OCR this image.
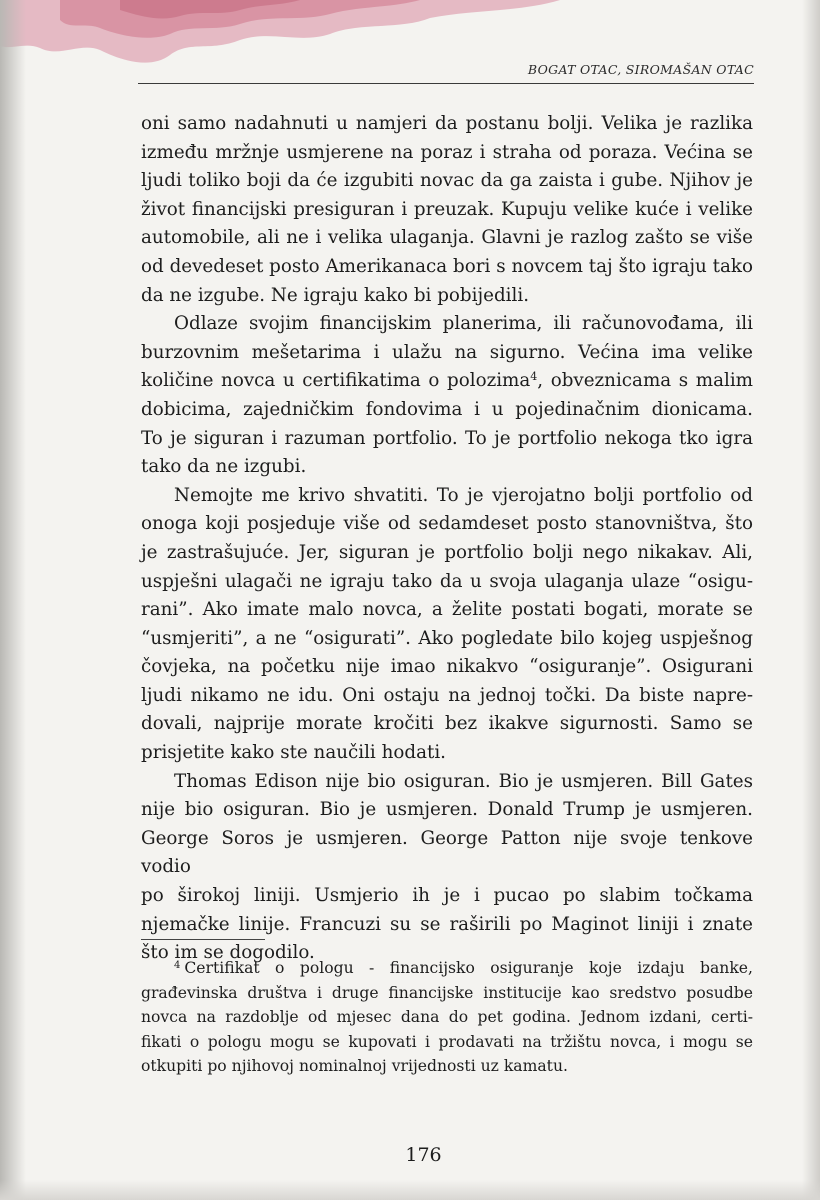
BOGAT OTAC, SIROMAŠAN OTAC

oni samo nadahnuti u namjeri da postanu bolji. Velika je razlika
između mržnje usmjerene na poraz i straha od poraza. Većina se
ljudi toliko boji da će izgubiti novac da ga zaista i gube. Njihov je
život financijski presiguran i preuzak. Kupuju velike kuće i velike
automobile, ali ne i velika ulaganja. Glavni je razlog zašto se više
od devedeset posto Amerikanaca bori s novcem taj što igraju tako
da ne izgube. Ne igraju kako bi pobijedili.

Odlaze svojim financijskim planerima, ili računovođama, ili
burzovnim mešetarima i ulažu na sigurno. Većina ima velike
količine novca u certifikatima o polozima$^4$, obveznicama s malim
dobicima, zajedničkim fondovima i u pojedinačnim dionicama.
To je siguran i razuman portfolio. To je portfolio nekoga tko igra
tako da ne izgubi.

Nemojte me krivo shvatiti. To je vjerojatno bolji portfolio od
onoga koji posjeduje više od sedamdeset posto stanovništva, što
je zastrašujuće. Jer, siguran je portfolio bolji nego nikakav. Ali,
uspješni ulagači ne igraju tako da u svoja ulaganja ulaze “osigu-
rani”. Ako imate malo novca, a želite postati bogati, morate se
“usmjeriti”, a ne “osigurati”. Ako pogledate bilo kojeg uspješnog
čovjeka, na početku nije imao nikakvo “osiguranje”. Osigurani
ljudi nikamo ne idu. Oni ostaju na jednoj točki. Da biste napre-
dovali, najprije morate kročiti bez ikakve sigurnosti. Samo se
prisjetite kako ste naučili hodati.

Thomas Edison nije bio osiguran. Bio je usmjeren. Bill Gates
nije bio osiguran. Bio je usmjeren. Donald Trump je usmjeren.
George Soros je usmjeren. George Patton nije svoje tenkove vodio
po širokoj liniji. Usmjerio ih je i pucao po slabim točkama
njemačke linije. Francuzi su se raširili po Maginot liniji i znate
što im se dogodilo.

$^4$ Certifikat o pologu - financijsko osiguranje koje izdaju banke,
građevinska društva i druge financijske institucije kao sredstvo posudbe
novca na razdoblje od mjesec dana do pet godina. Jednom izdani, certi-
fikati o pologu mogu se kupovati i prodavati na tržištu novca, i mogu se
otkupiti po njihovoj nominalnoj vrijednosti uz kamatu.
176
